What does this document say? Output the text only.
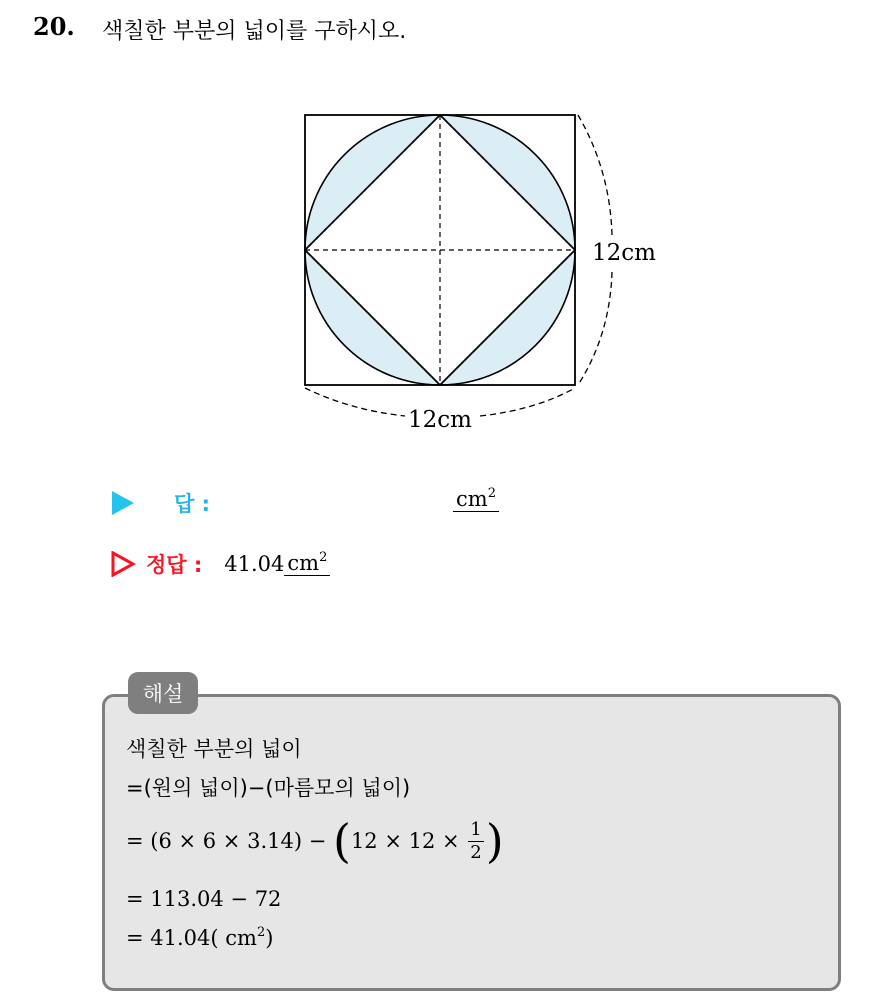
20. 색칠한 부분의 넓이를 구하시오.
12cm
12cm
답 :	$cm^2$
정답 : 41.04 $cm^2$
해설
색칠한 부분의 넓이
=(원의 넓이)−(마름모의 넓이)
= (6 × 6 × 3.14) − ( $12 \times 12 \times \frac{1}{2}$ )
= 113.04 − 72
= 41.04( $cm^2$)
